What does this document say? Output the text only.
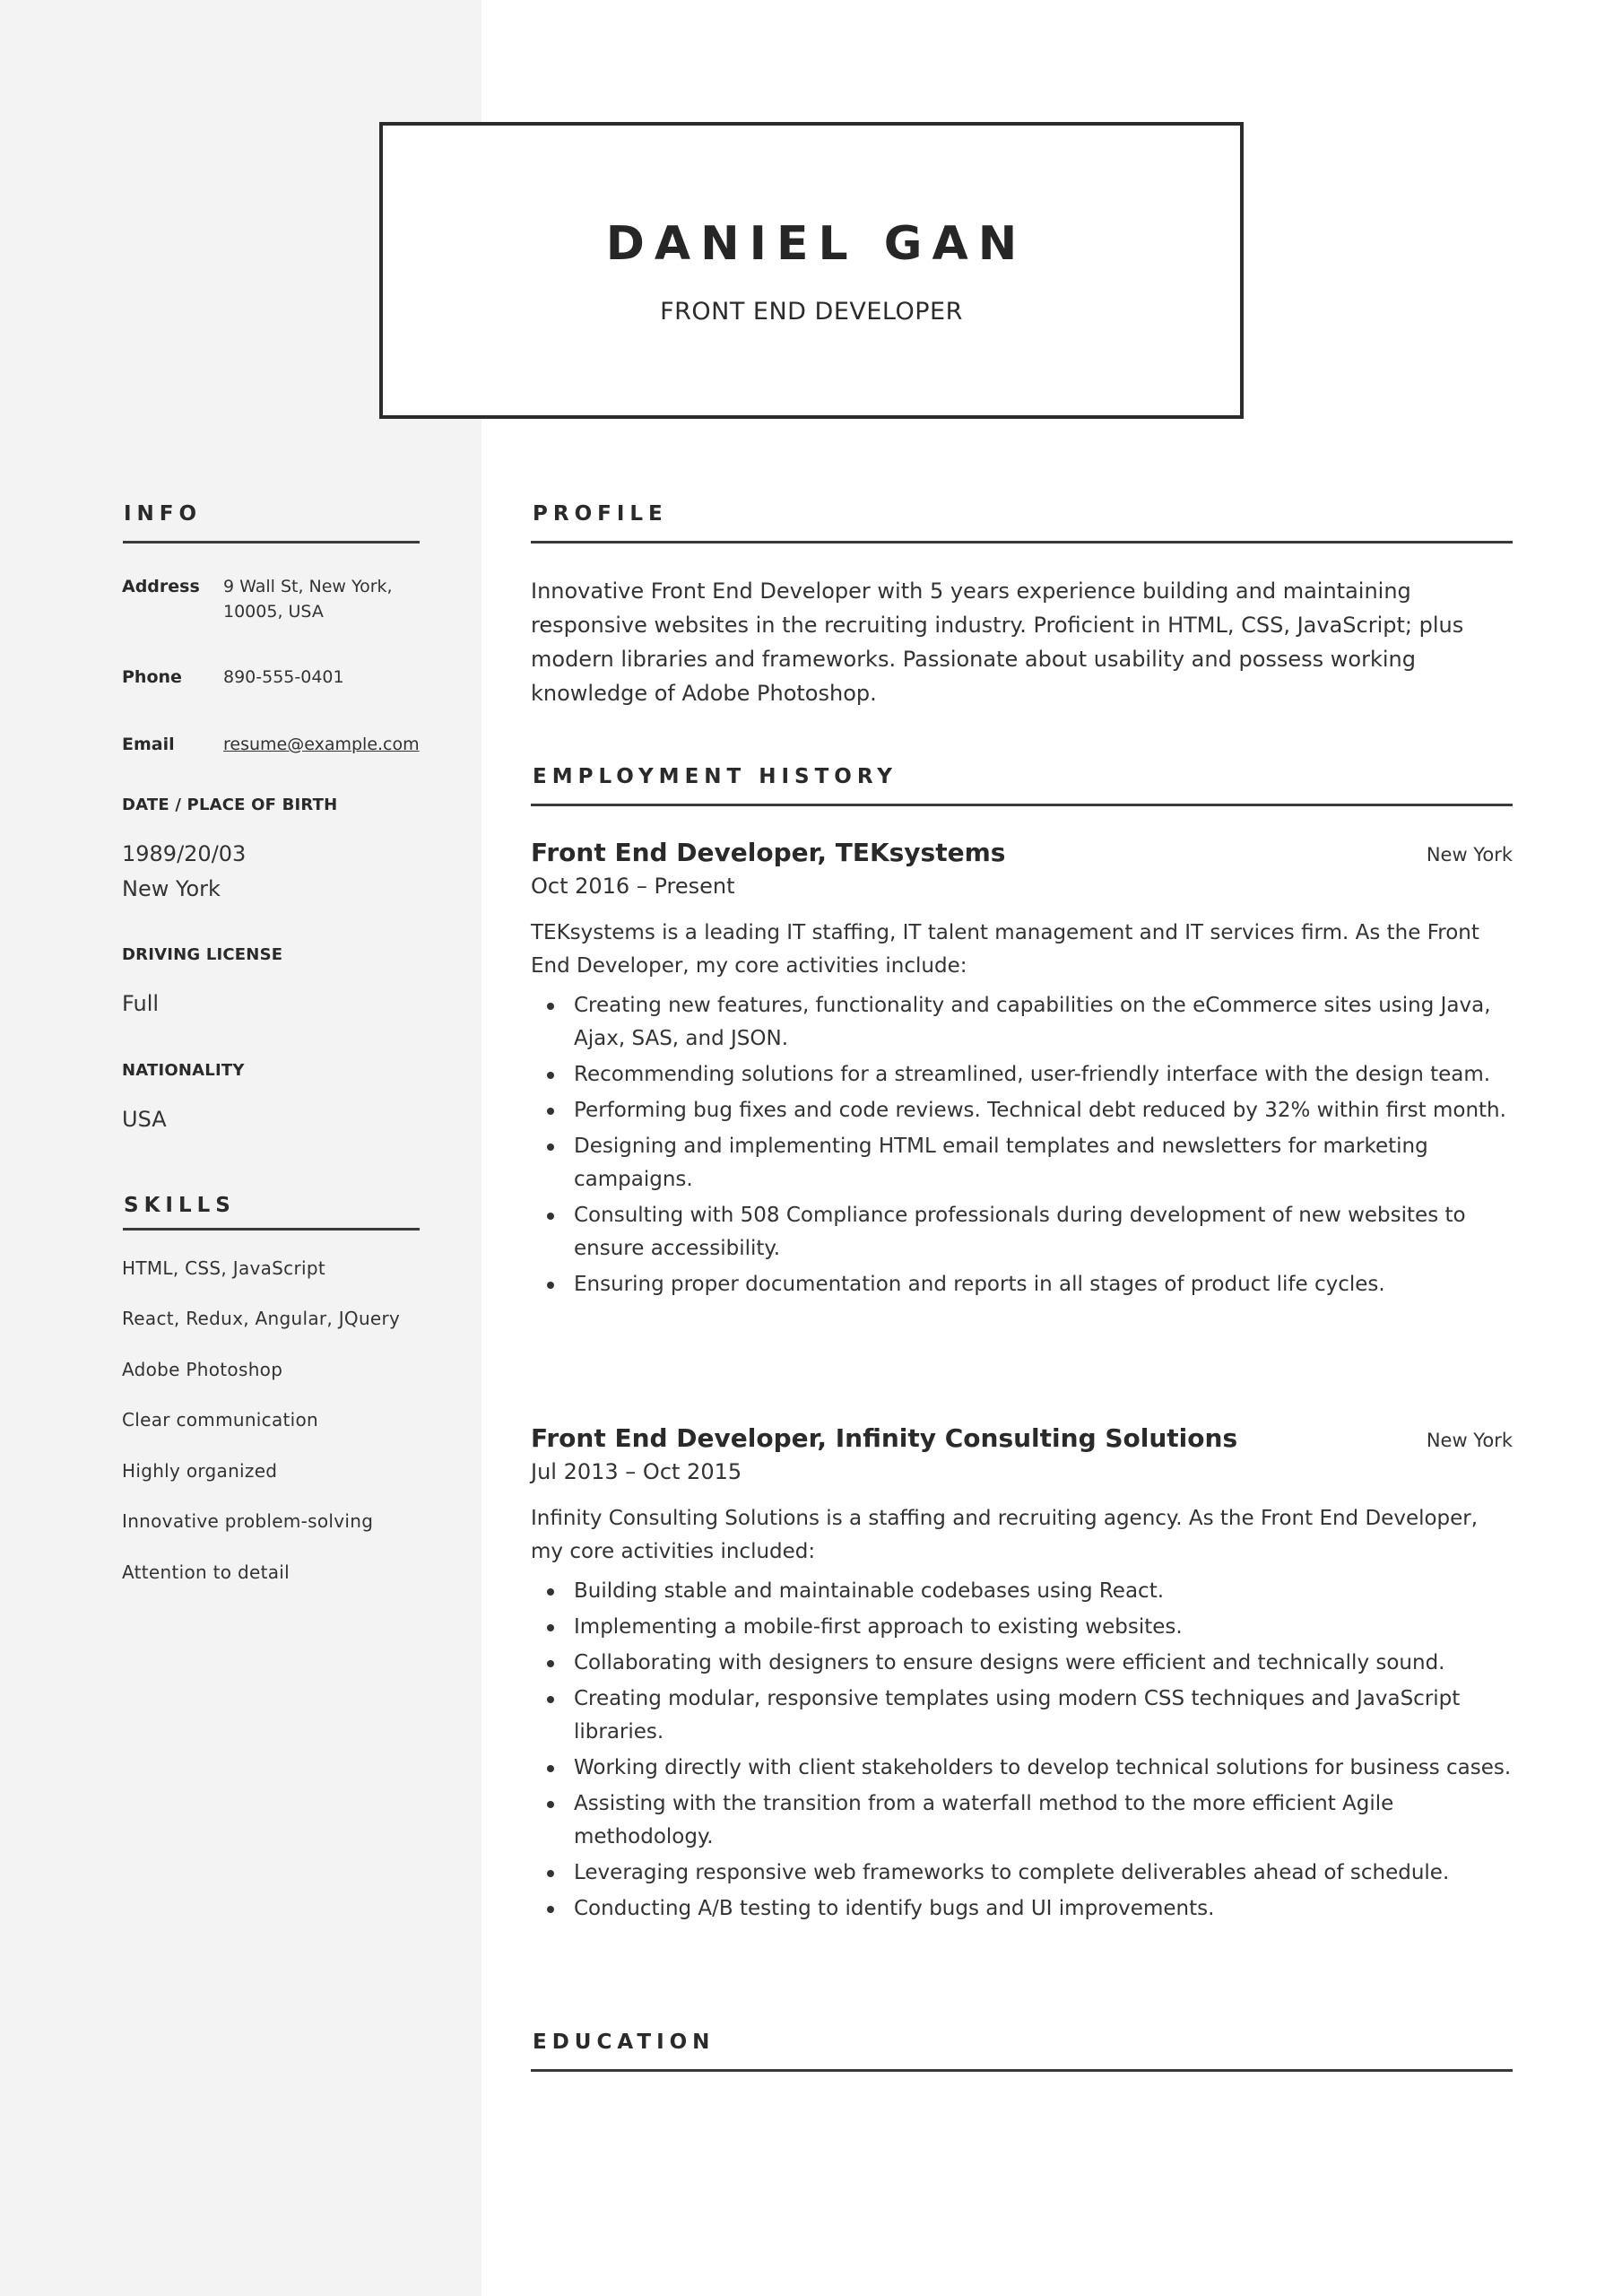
DANIEL GAN
FRONT END DEVELOPER
INFO
Address 9 Wall St, New York,
10005, USA
Phone 890-555-0401
Email	resume@example.com
DATE / PLACE OF BIRTH
1989/20/03
New York
DRIVING LICENSE
Full
NATIONALITY
USA
SKILLS
HTML, CSS, JavaScript
React, Redux, Angular, JQuery
Adobe Photoshop
Clear communication
Highly organized
Innovative problem-solving
Attention to detail
PROFILE
Innovative Front End Developer with 5 years experience building and maintaining responsive websites in the recruiting industry. Proficient in HTML, CSS, JavaScript; plus modern libraries and frameworks. Passionate about usability and possess working knowledge of Adobe Photoshop.
EMPLOYMENT HISTORY
Front End Developer, TEKsystems	New York
Oct 2016 – Present
TEKsystems is a leading IT staffing, IT talent management and IT services firm. As the Front End Developer, my core activities include:
Creating new features, functionality and capabilities on the eCommerce sites using Java, Ajax, SAS, and JSON.
Recommending solutions for a streamlined, user-friendly interface with the design team.
Performing bug fixes and code reviews. Technical debt reduced by 32% within first month.
Designing and implementing HTML email templates and newsletters for marketing campaigns.
Consulting with 508 Compliance professionals during development of new websites to ensure accessibility.
Ensuring proper documentation and reports in all stages of product life cycles.
Front End Developer, Infinity Consulting Solutions	New York
Jul 2013 – Oct 2015
Infinity Consulting Solutions is a staffing and recruiting agency. As the Front End Developer, my core activities included:
Building stable and maintainable codebases using React.
Implementing a mobile-first approach to existing websites.
Collaborating with designers to ensure designs were efficient and technically sound.
Creating modular, responsive templates using modern CSS techniques and JavaScript libraries.
Working directly with client stakeholders to develop technical solutions for business cases.
Assisting with the transition from a waterfall method to the more efficient Agile methodology.
Leveraging responsive web frameworks to complete deliverables ahead of schedule.
Conducting A/B testing to identify bugs and UI improvements.
EDUCATION
